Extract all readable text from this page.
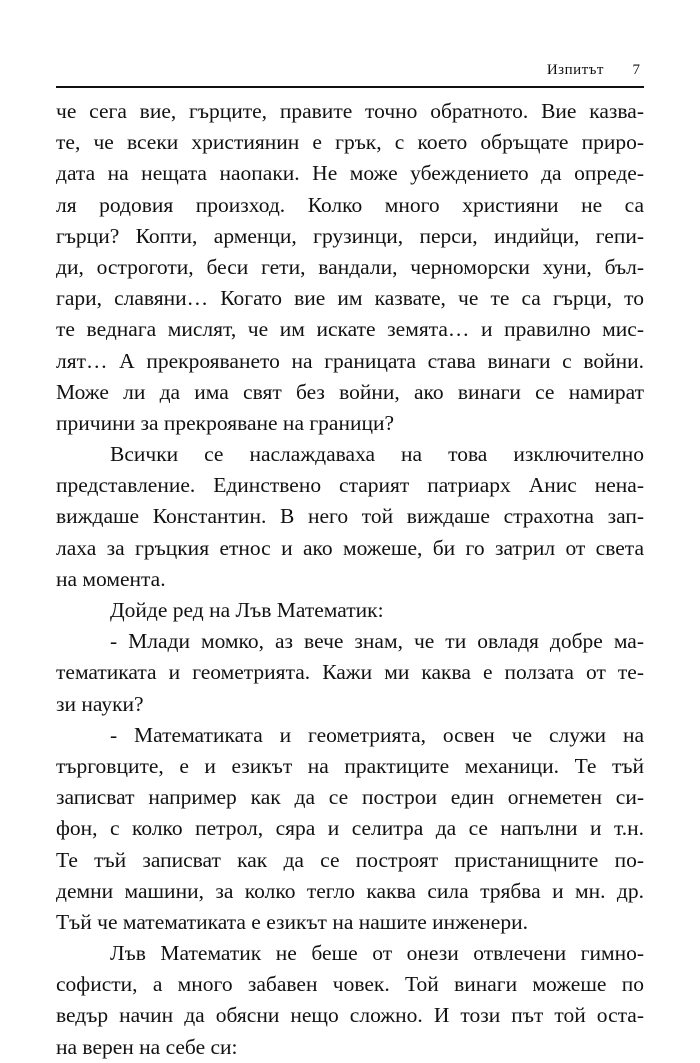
Изпитът 7
че сега вие, гърците, правите точно обратното. Вие казва-
те, че всеки християнин е грък, с което обръщате приро-
дата на нещата наопаки. Не може убеждението да опреде-
ля родовия произход. Колко много християни не са
гърци? Копти, арменци, грузинци, перси, индийци, гепи-
ди, остроготи, беси гети, вандали, черноморски хуни, бъл-
гари, славяни… Когато вие им казвате, че те са гърци, то
те веднага мислят, че им искате земята… и правилно мис-
лят… А прекрояването на границата става винаги с войни.
Може ли да има свят без войни, ако винаги се намират
причини за прекрояване на граници?
Всички се наслаждаваха на това изключително
представление. Единствено старият патриарх Анис нена-
виждаше Константин. В него той виждаше страхотна зап-
лаха за гръцкия етнос и ако можеше, би го затрил от света
на момента.
Дойде ред на Лъв Математик:
- Млади момко, аз вече знам, че ти овладя добре ма-
тематиката и геометрията. Кажи ми каква е ползата от те-
зи науки?
- Математиката и геометрията, освен че служи на
търговците, е и езикът на практиците механици. Те тъй
записват например как да се построи един огнеметен си-
фон, с колко петрол, сяра и селитра да се напълни и т.н.
Те тъй записват как да се построят пристанищните по-
демни машини, за колко тегло каква сила трябва и мн. др.
Тъй че математиката е езикът на нашите инженери.
Лъв Математик не беше от онези отвлечени гимно-
софисти, а много забавен човек. Той винаги можеше по
ведър начин да обясни нещо сложно. И този път той оста-
на верен на себе си:
